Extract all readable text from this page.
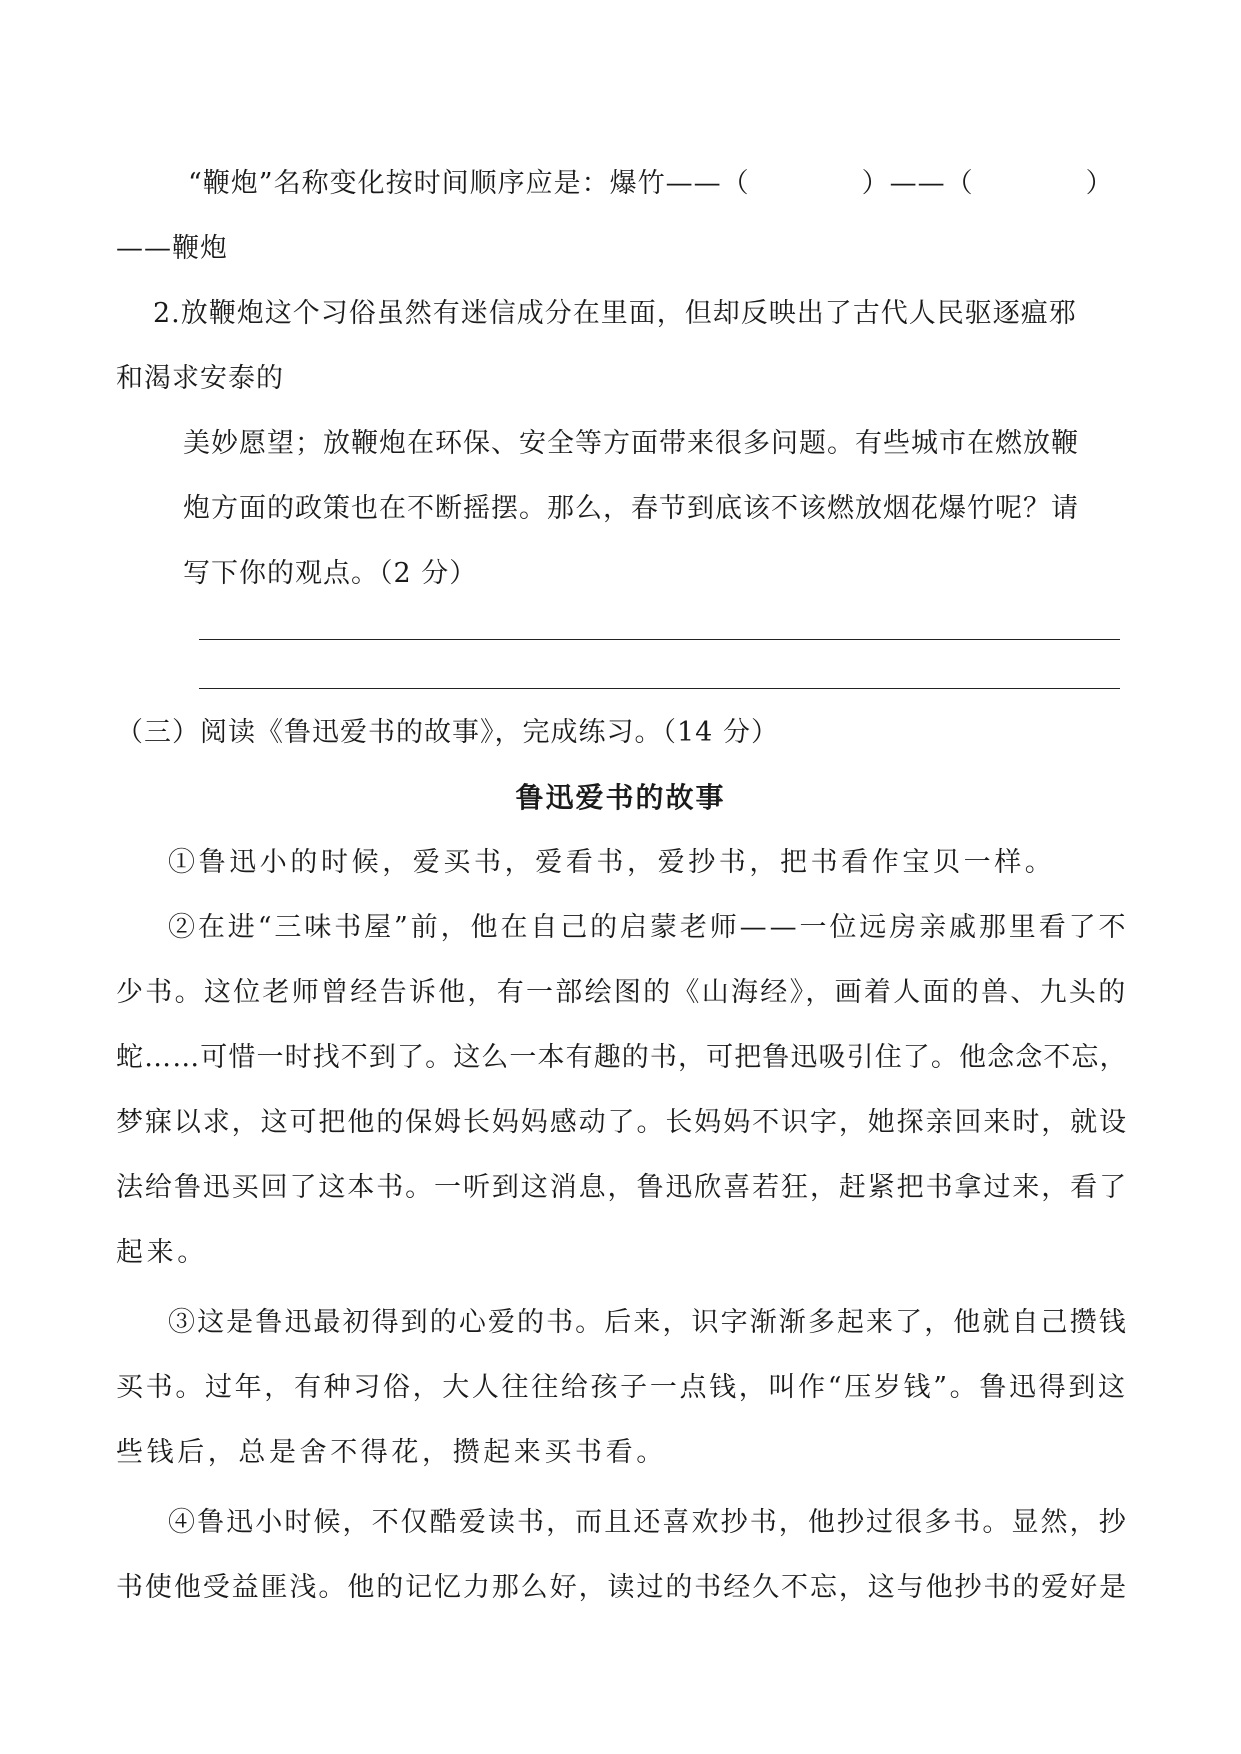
“鞭炮”名称变化按时间顺序应是：爆竹——（	）——（	）
——鞭炮
2.放鞭炮这个习俗虽然有迷信成分在里面，但却反映出了古代人民驱逐瘟邪
和渴求安泰的
美妙愿望；放鞭炮在环保、安全等方面带来很多问题。有些城市在燃放鞭
炮方面的政策也在不断摇摆。那么，春节到底该不该燃放烟花爆竹呢？请
写下你的观点。（2 分）
（三）阅读《鲁迅爱书的故事》，完成练习。（14 分）
鲁迅爱书的故事
①鲁迅小的时候，爱买书，爱看书，爱抄书，把书看作宝贝一样。
②在进“三味书屋”前，他在自己的启蒙老师——一位远房亲戚那里看了不
少书。这位老师曾经告诉他，有一部绘图的《山海经》，画着人面的兽、九头的
蛇……可惜一时找不到了。这么一本有趣的书，可把鲁迅吸引住了。他念念不忘，
梦寐以求，这可把他的保姆长妈妈感动了。长妈妈不识字，她探亲回来时，就设
法给鲁迅买回了这本书。一听到这消息，鲁迅欣喜若狂，赶紧把书拿过来，看了
起来。
③这是鲁迅最初得到的心爱的书。后来，识字渐渐多起来了，他就自己攒钱
买书。过年，有种习俗，大人往往给孩子一点钱，叫作“压岁钱”。鲁迅得到这
些钱后，总是舍不得花，攒起来买书看。
④鲁迅小时候，不仅酷爱读书，而且还喜欢抄书，他抄过很多书。显然，抄
书使他受益匪浅。他的记忆力那么好，读过的书经久不忘，这与他抄书的爱好是
